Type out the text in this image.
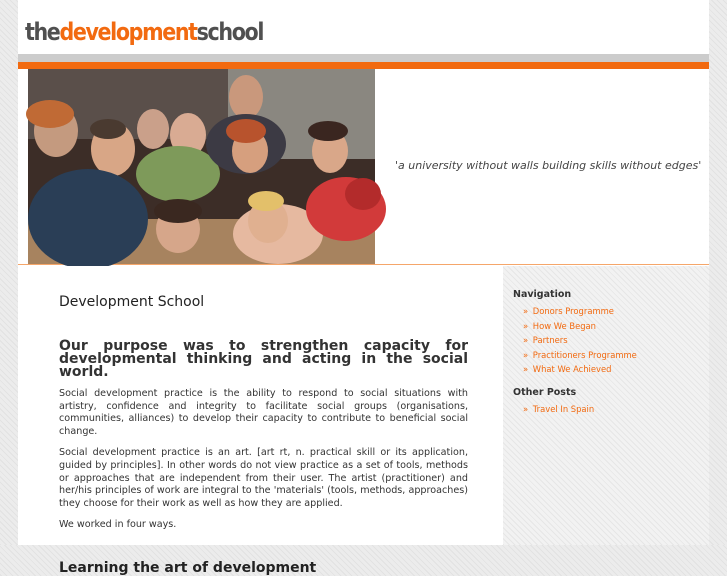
thedevelopmentschool
'a university without walls building skills without edges'
Development School
Our purpose was to strengthen capacity for developmental thinking and acting in the social world.

Social development practice is the ability to respond to social situations with artistry, confidence and integrity to facilitate social groups (organisations, communities, alliances) to develop their capacity to contribute to beneficial social change.

Social development practice is an art. [art rt, n. practical skill or its application, guided by principles]. In other words do not view practice as a set of tools, methods or approaches that are independent from their user. The artist (practitioner) and her/his principles of work are integral to the 'materials' (tools, methods, approaches) they choose for their work as well as how they are applied.

We worked in four ways.

Learning the art of development
Navigation
» Donors Programme
» How We Began
» Partners
» Practitioners Programme
» What We Achieved
Other Posts
» Travel In Spain
